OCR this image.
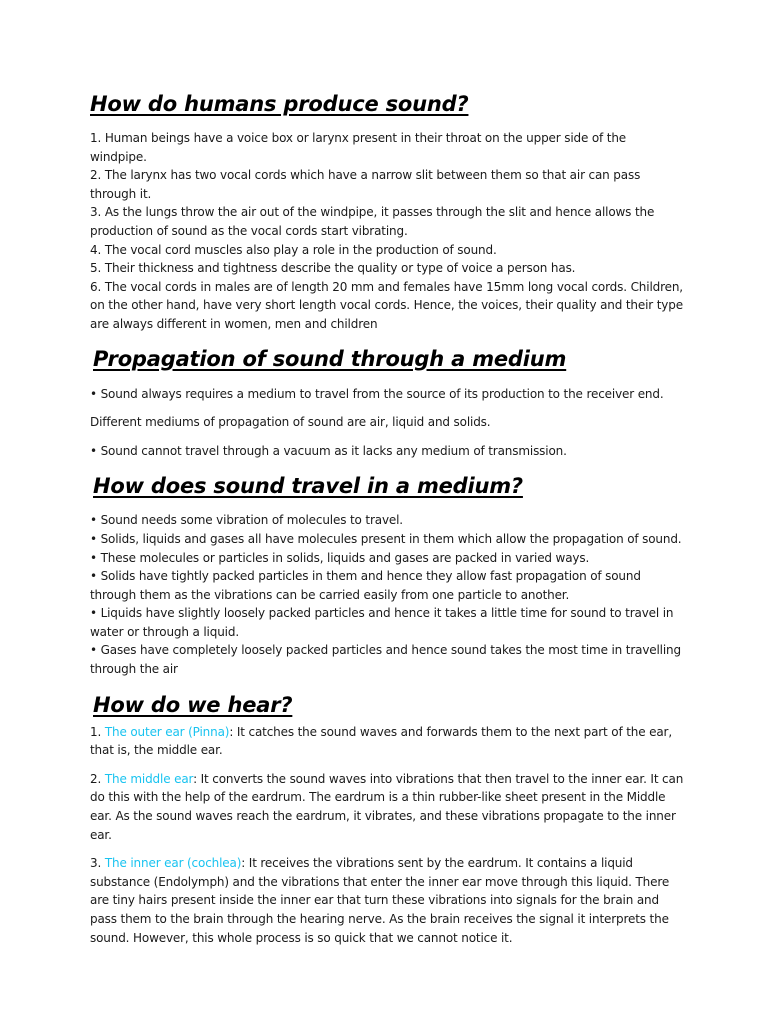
How do humans produce sound?

1. Human beings have a voice box or larynx present in their throat on the upper side of the windpipe.

2. The larynx has two vocal cords which have a narrow slit between them so that air can pass through it.

3. As the lungs throw the air out of the windpipe, it passes through the slit and hence allows the production of sound as the vocal cords start vibrating.

4. The vocal cord muscles also play a role in the production of sound.

5. Their thickness and tightness describe the quality or type of voice a person has.

6. The vocal cords in males are of length 20 mm and females have 15mm long vocal cords. Children, on the other hand, have very short length vocal cords. Hence, the voices, their quality and their type are always different in women, men and children

Propagation of sound through a medium

• Sound always requires a medium to travel from the source of its production to the receiver end.

Different mediums of propagation of sound are air, liquid and solids.

• Sound cannot travel through a vacuum as it lacks any medium of transmission.

How does sound travel in a medium?

• Sound needs some vibration of molecules to travel.

• Solids, liquids and gases all have molecules present in them which allow the propagation of sound.

• These molecules or particles in solids, liquids and gases are packed in varied ways.

• Solids have tightly packed particles in them and hence they allow fast propagation of sound through them as the vibrations can be carried easily from one particle to another.

• Liquids have slightly loosely packed particles and hence it takes a little time for sound to travel in water or through a liquid.

• Gases have completely loosely packed particles and hence sound takes the most time in travelling through the air

How do we hear?

1. The outer ear (Pinna): It catches the sound waves and forwards them to the next part of the ear, that is, the middle ear.

2. The middle ear: It converts the sound waves into vibrations that then travel to the inner ear. It can do this with the help of the eardrum. The eardrum is a thin rubber-like sheet present in the Middle ear. As the sound waves reach the eardrum, it vibrates, and these vibrations propagate to the inner ear.

3. The inner ear (cochlea): It receives the vibrations sent by the eardrum. It contains a liquid substance (Endolymph) and the vibrations that enter the inner ear move through this liquid. There are tiny hairs present inside the inner ear that turn these vibrations into signals for the brain and pass them to the brain through the hearing nerve. As the brain receives the signal it interprets the sound. However, this whole process is so quick that we cannot notice it.
